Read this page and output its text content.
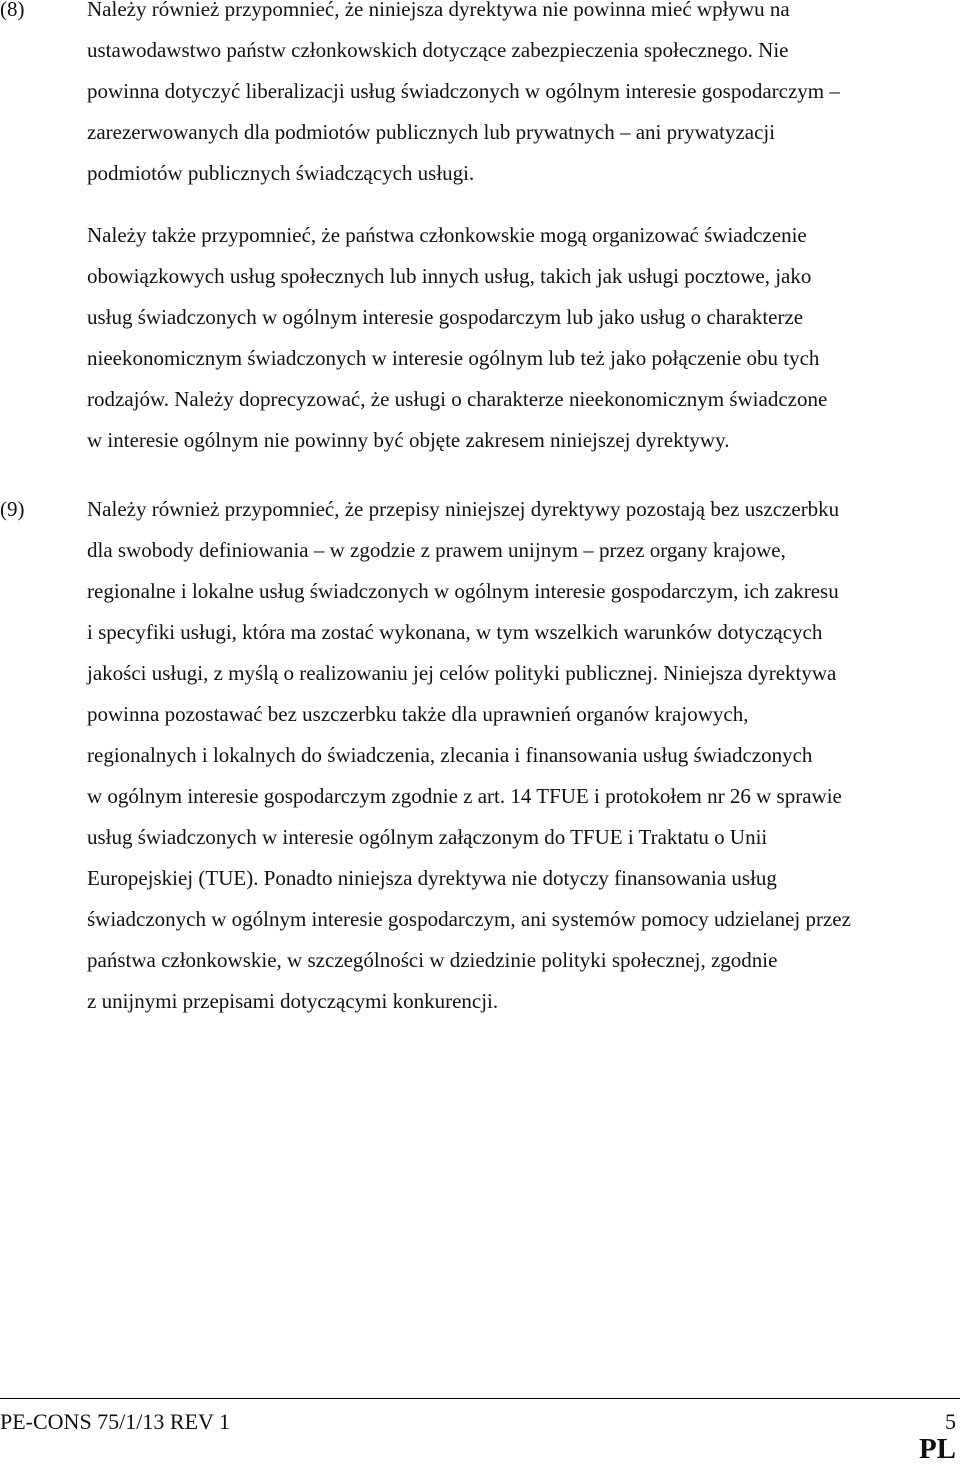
(8)	Należy również przypomnieć, że niniejsza dyrektywa nie powinna mieć wpływu na
ustawodawstwo państw członkowskich dotyczące zabezpieczenia społecznego. Nie
powinna dotyczyć liberalizacji usług świadczonych w ogólnym interesie gospodarczym –
zarezerwowanych dla podmiotów publicznych lub prywatnych – ani prywatyzacji
podmiotów publicznych świadczących usługi.

Należy także przypomnieć, że państwa członkowskie mogą organizować świadczenie
obowiązkowych usług społecznych lub innych usług, takich jak usługi pocztowe, jako
usług świadczonych w ogólnym interesie gospodarczym lub jako usług o charakterze
nieekonomicznym świadczonych w interesie ogólnym lub też jako połączenie obu tych
rodzajów. Należy doprecyzować, że usługi o charakterze nieekonomicznym świadczone
w interesie ogólnym nie powinny być objęte zakresem niniejszej dyrektywy.

(9)	Należy również przypomnieć, że przepisy niniejszej dyrektywy pozostają bez uszczerbku
dla swobody definiowania – w zgodzie z prawem unijnym – przez organy krajowe,
regionalne i lokalne usług świadczonych w ogólnym interesie gospodarczym, ich zakresu
i specyfiki usługi, która ma zostać wykonana, w tym wszelkich warunków dotyczących
jakości usługi, z myślą o realizowaniu jej celów polityki publicznej. Niniejsza dyrektywa
powinna pozostawać bez uszczerbku także dla uprawnień organów krajowych,
regionalnych i lokalnych do świadczenia, zlecania i finansowania usług świadczonych
w ogólnym interesie gospodarczym zgodnie z art. 14 TFUE i protokołem nr 26 w sprawie
usług świadczonych w interesie ogólnym załączonym do TFUE i Traktatu o Unii
Europejskiej (TUE). Ponadto niniejsza dyrektywa nie dotyczy finansowania usług
świadczonych w ogólnym interesie gospodarczym, ani systemów pomocy udzielanej przez
państwa członkowskie, w szczególności w dziedzinie polityki społecznej, zgodnie
z unijnymi przepisami dotyczącymi konkurencji.

PE-CONS 75/1/13 REV 1	5
PL
